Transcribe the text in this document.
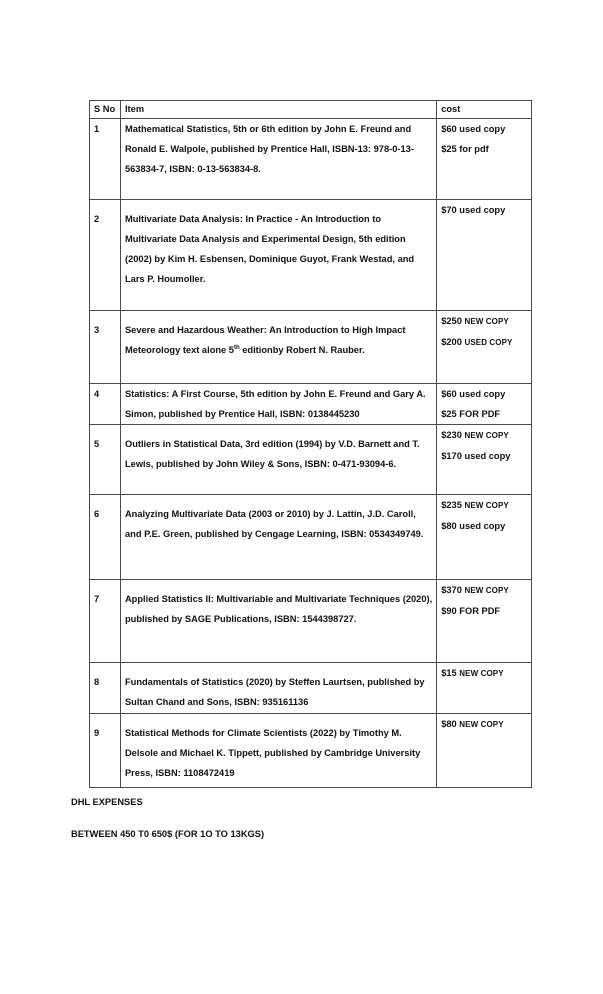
S No	Item	cost
1	Mathematical Statistics, 5th or 6th edition by John E. Freund and Ronald E. Walpole, published by Prentice Hall, ISBN-13: 978-0-13-563834-7, ISBN: 0-13-563834-8.	$60 used copy
$25 for pdf

2	Multivariate Data Analysis: In Practice - An Introduction to Multivariate Data Analysis and Experimental Design, 5th edition (2002) by Kim H. Esbensen, Dominique Guyot, Frank Westad, and Lars P. Houmoller.	$70 used copy

3	Severe and Hazardous Weather: An Introduction to High Impact Meteorology text alone 5th editionby Robert N. Rauber.	$250 NEW COPY
$200 USED COPY

4	Statistics: A First Course, 5th edition by John E. Freund and Gary A. Simon, published by Prentice Hall, ISBN: 0138445230	$60 used copy
$25 FOR PDF

5	Outliers in Statistical Data, 3rd edition (1994) by V.D. Barnett and T. Lewis, published by John Wiley & Sons, ISBN: 0-471-93094-6.	$230 NEW COPY
$170 used copy

6	Analyzing Multivariate Data (2003 or 2010) by J. Lattin, J.D. Caroll, and P.E. Green, published by Cengage Learning, ISBN: 0534349749.	$235 NEW COPY
$80 used copy

7	Applied Statistics II: Multivariable and Multivariate Techniques (2020), published by SAGE Publications, ISBN: 1544398727.	$370 NEW COPY
$90 FOR PDF

8	Fundamentals of Statistics (2020) by Steffen Laurtsen, published by Sultan Chand and Sons, ISBN: 935161136	$15 NEW COPY

9	Statistical Methods for Climate Scientists (2022) by Timothy M. Delsole and Michael K. Tippett, published by Cambridge University Press, ISBN: 1108472419	$80 NEW COPY
DHL EXPENSES
BETWEEN 450 T0 650$ (FOR 1O TO 13KGS)
